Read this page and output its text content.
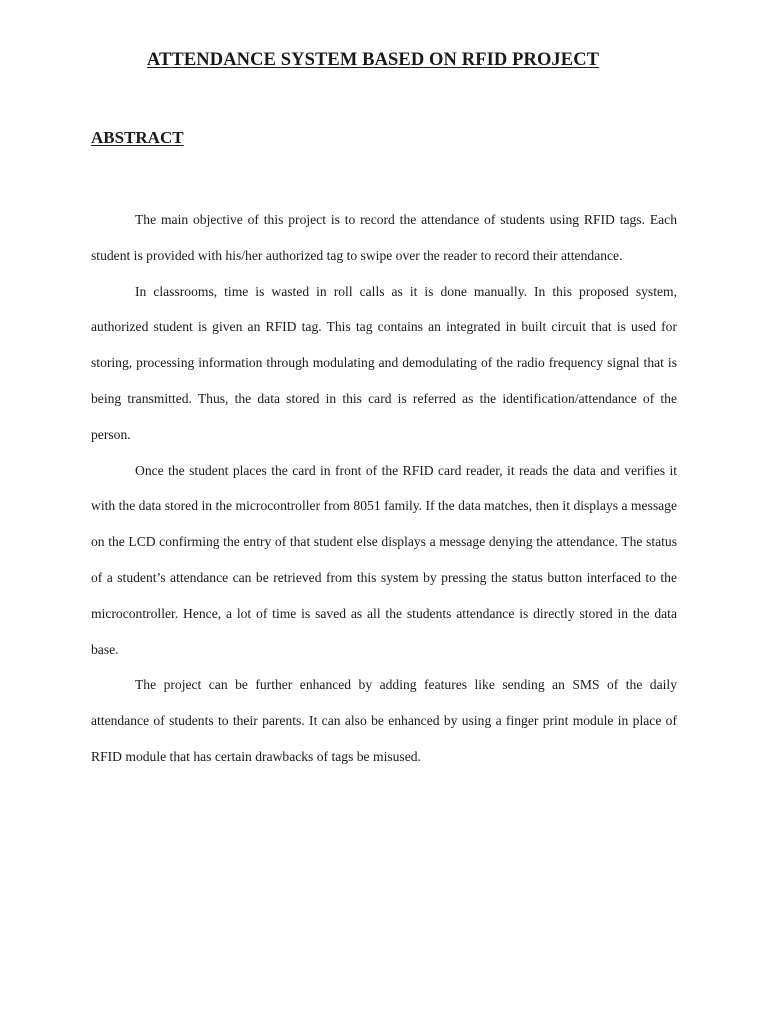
ATTENDANCE SYSTEM BASED ON RFID PROJECT
ABSTRACT

The main objective of this project is to record the attendance of students using RFID tags. Each student is provided with his/her authorized tag to swipe over the reader to record their attendance.

In classrooms, time is wasted in roll calls as it is done manually. In this proposed system, authorized student is given an RFID tag. This tag contains an integrated in built circuit that is used for storing, processing information through modulating and demodulating of the radio frequency signal that is being transmitted. Thus, the data stored in this card is referred as the identification/attendance of the person.

Once the student places the card in front of the RFID card reader, it reads the data and verifies it with the data stored in the microcontroller from 8051 family. If the data matches, then it displays a message on the LCD confirming the entry of that student else displays a message denying the attendance. The status of a student’s attendance can be retrieved from this system by pressing the status button interfaced to the microcontroller. Hence, a lot of time is saved as all the students attendance is directly stored in the data base.

The project can be further enhanced by adding features like sending an SMS of the daily attendance of students to their parents. It can also be enhanced by using a finger print module in place of RFID module that has certain drawbacks of tags be misused.
